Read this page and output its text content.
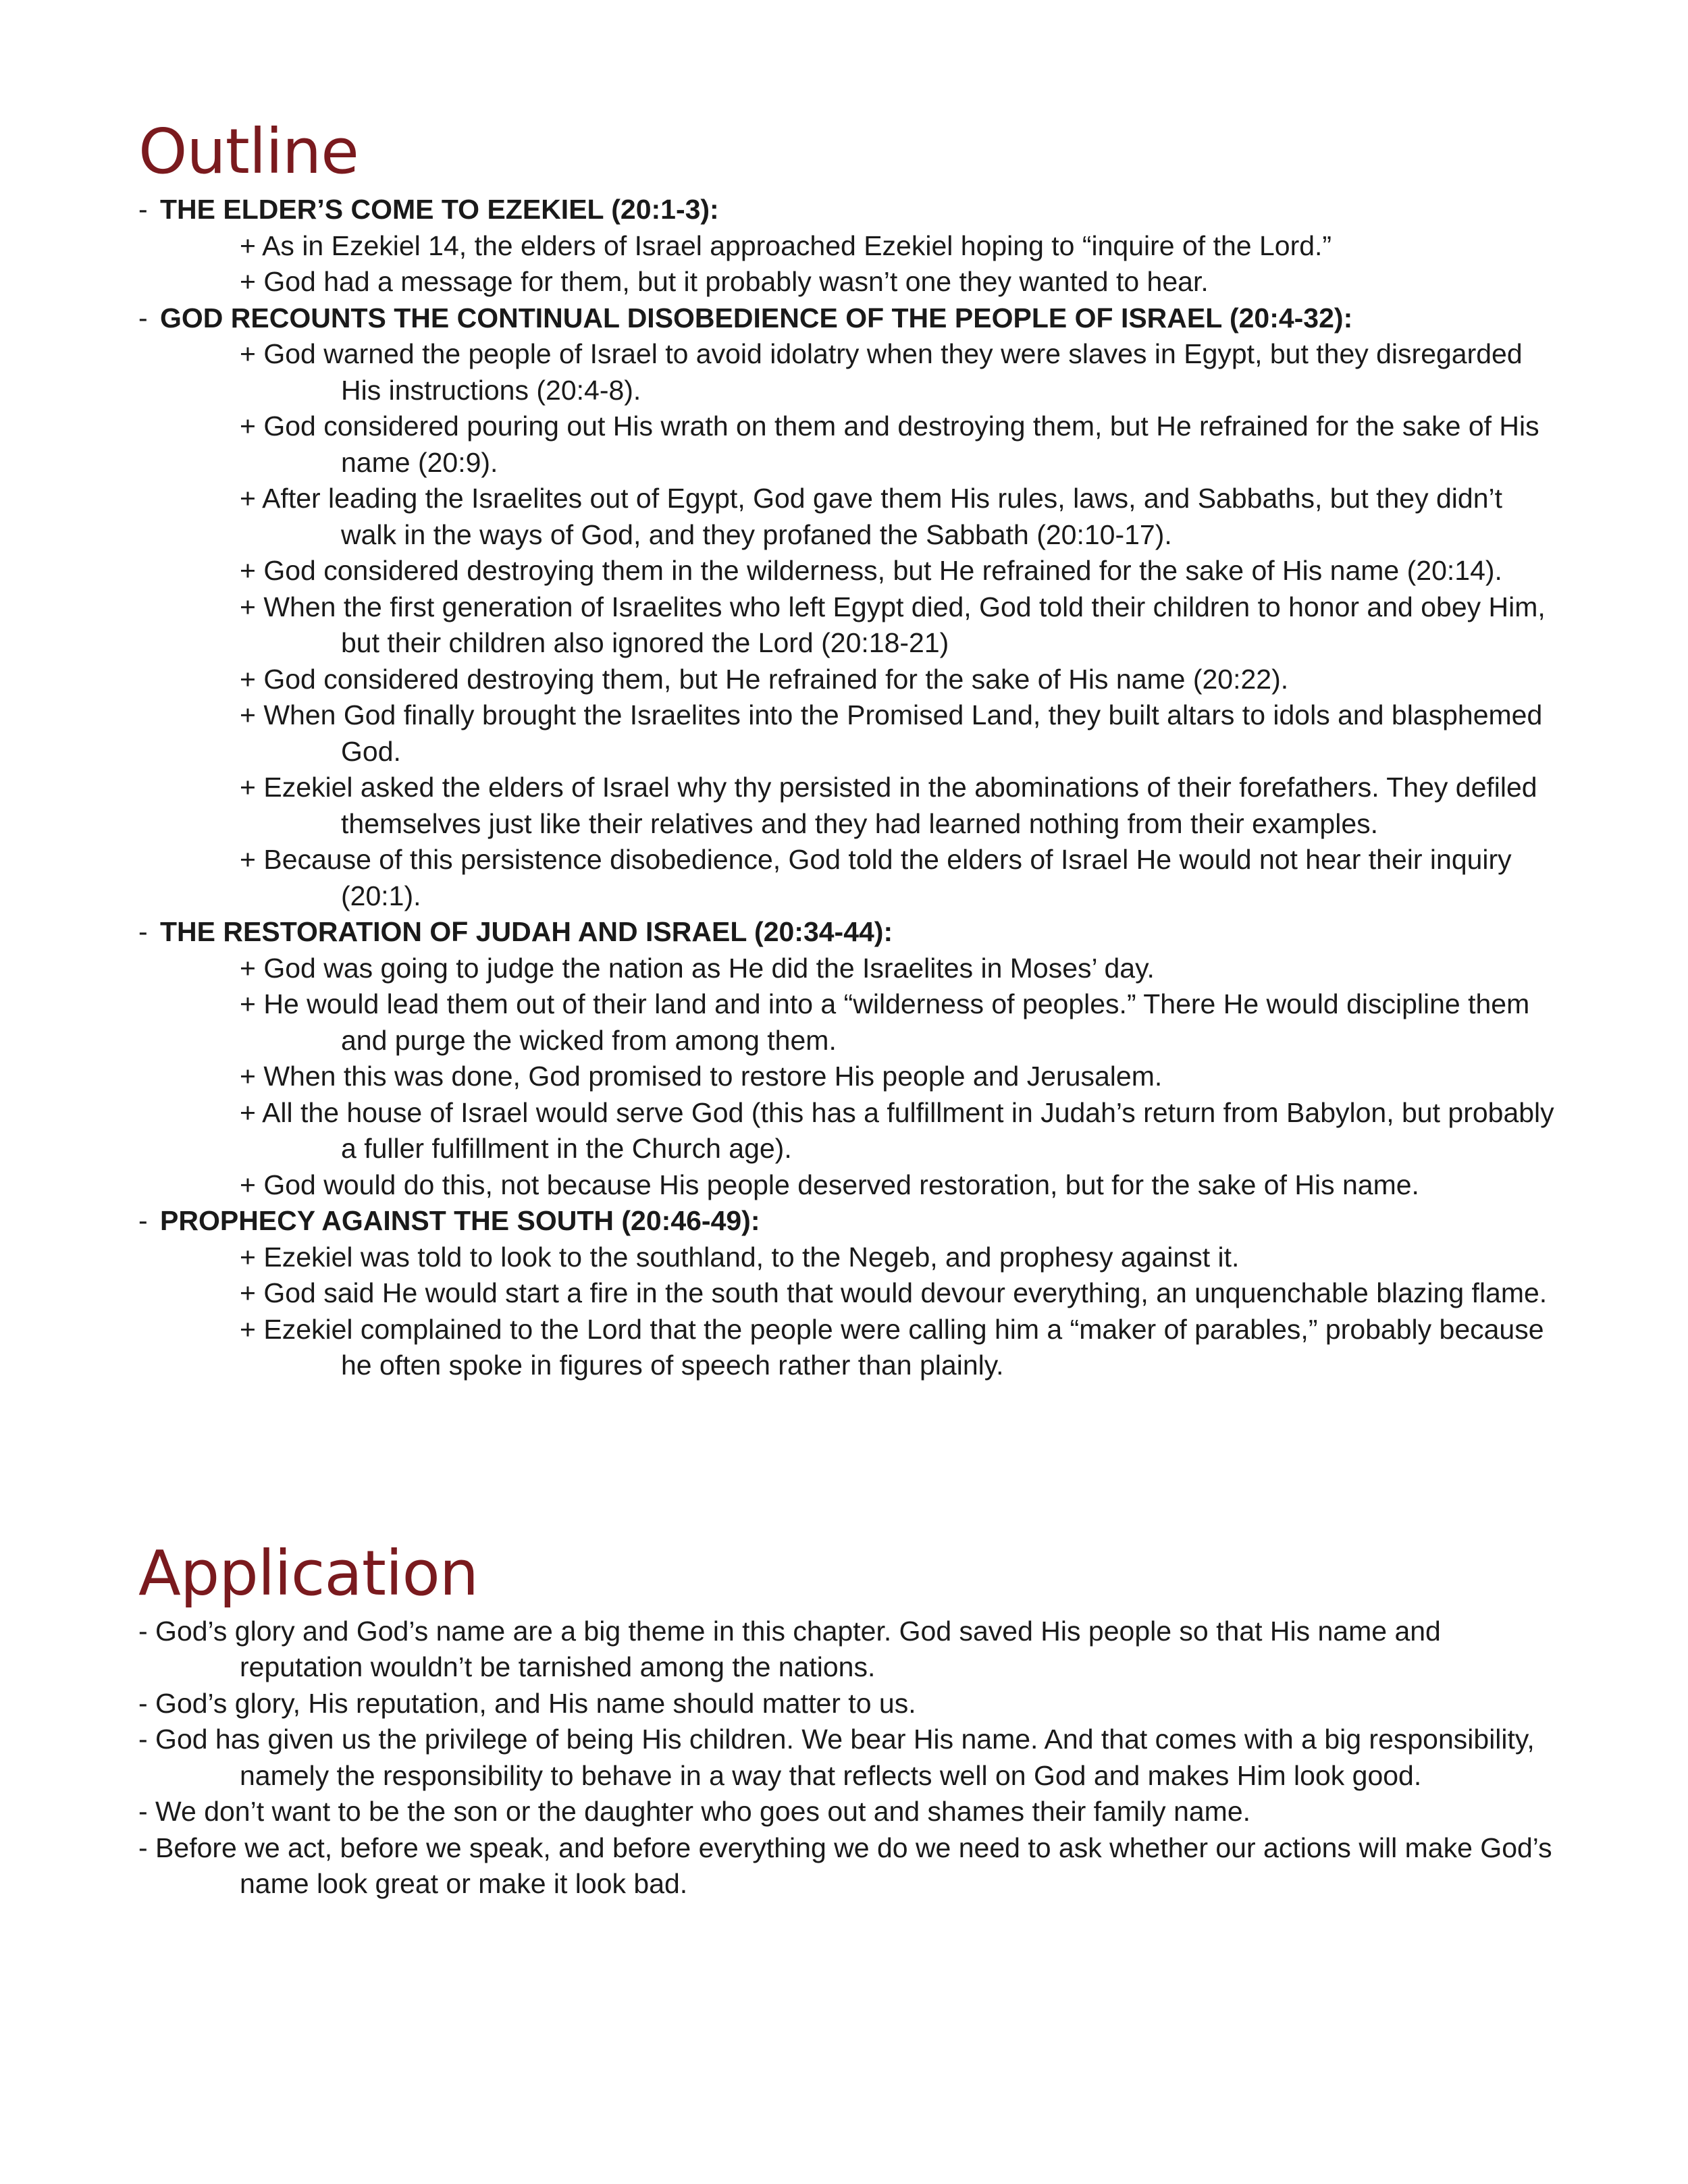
Outline
- THE ELDER’S COME TO EZEKIEL (20:1-3):
+ As in Ezekiel 14, the elders of Israel approached Ezekiel hoping to “inquire of the Lord.”
+ God had a message for them, but it probably wasn’t one they wanted to hear.
- GOD RECOUNTS THE CONTINUAL DISOBEDIENCE OF THE PEOPLE OF ISRAEL (20:4-32):
+ God warned the people of Israel to avoid idolatry when they were slaves in Egypt, but they disregarded His instructions (20:4-8).
+ God considered pouring out His wrath on them and destroying them, but He refrained for the sake of His name (20:9).
+ After leading the Israelites out of Egypt, God gave them His rules, laws, and Sabbaths, but they didn’t walk in the ways of God, and they profaned the Sabbath (20:10-17).
+ God considered destroying them in the wilderness, but He refrained for the sake of His name (20:14).
+ When the first generation of Israelites who left Egypt died, God told their children to honor and obey Him, but their children also ignored the Lord (20:18-21)
+ God considered destroying them, but He refrained for the sake of His name (20:22).
+ When God finally brought the Israelites into the Promised Land, they built altars to idols and blasphemed God.
+ Ezekiel asked the elders of Israel why thy persisted in the abominations of their forefathers. They defiled themselves just like their relatives and they had learned nothing from their examples.
+ Because of this persistence disobedience, God told the elders of Israel He would not hear their inquiry (20:1).
- THE RESTORATION OF JUDAH AND ISRAEL (20:34-44):
+ God was going to judge the nation as He did the Israelites in Moses’ day.
+ He would lead them out of their land and into a “wilderness of peoples.” There He would discipline them and purge the wicked from among them.
+ When this was done, God promised to restore His people and Jerusalem.
+ All the house of Israel would serve God (this has a fulfillment in Judah’s return from Babylon, but probably a fuller fulfillment in the Church age).
+ God would do this, not because His people deserved restoration, but for the sake of His name.
- PROPHECY AGAINST THE SOUTH (20:46-49):
+ Ezekiel was told to look to the southland, to the Negeb, and prophesy against it.
+ God said He would start a fire in the south that would devour everything, an unquenchable blazing flame.
+ Ezekiel complained to the Lord that the people were calling him a “maker of parables,” probably because he often spoke in figures of speech rather than plainly.
Application
- God’s glory and God’s name are a big theme in this chapter. God saved His people so that His name and reputation wouldn’t be tarnished among the nations.
- God’s glory, His reputation, and His name should matter to us.
- God has given us the privilege of being His children. We bear His name. And that comes with a big responsibility, namely the responsibility to behave in a way that reflects well on God and makes Him look good.
- We don’t want to be the son or the daughter who goes out and shames their family name.
- Before we act, before we speak, and before everything we do we need to ask whether our actions will make God’s name look great or make it look bad.
